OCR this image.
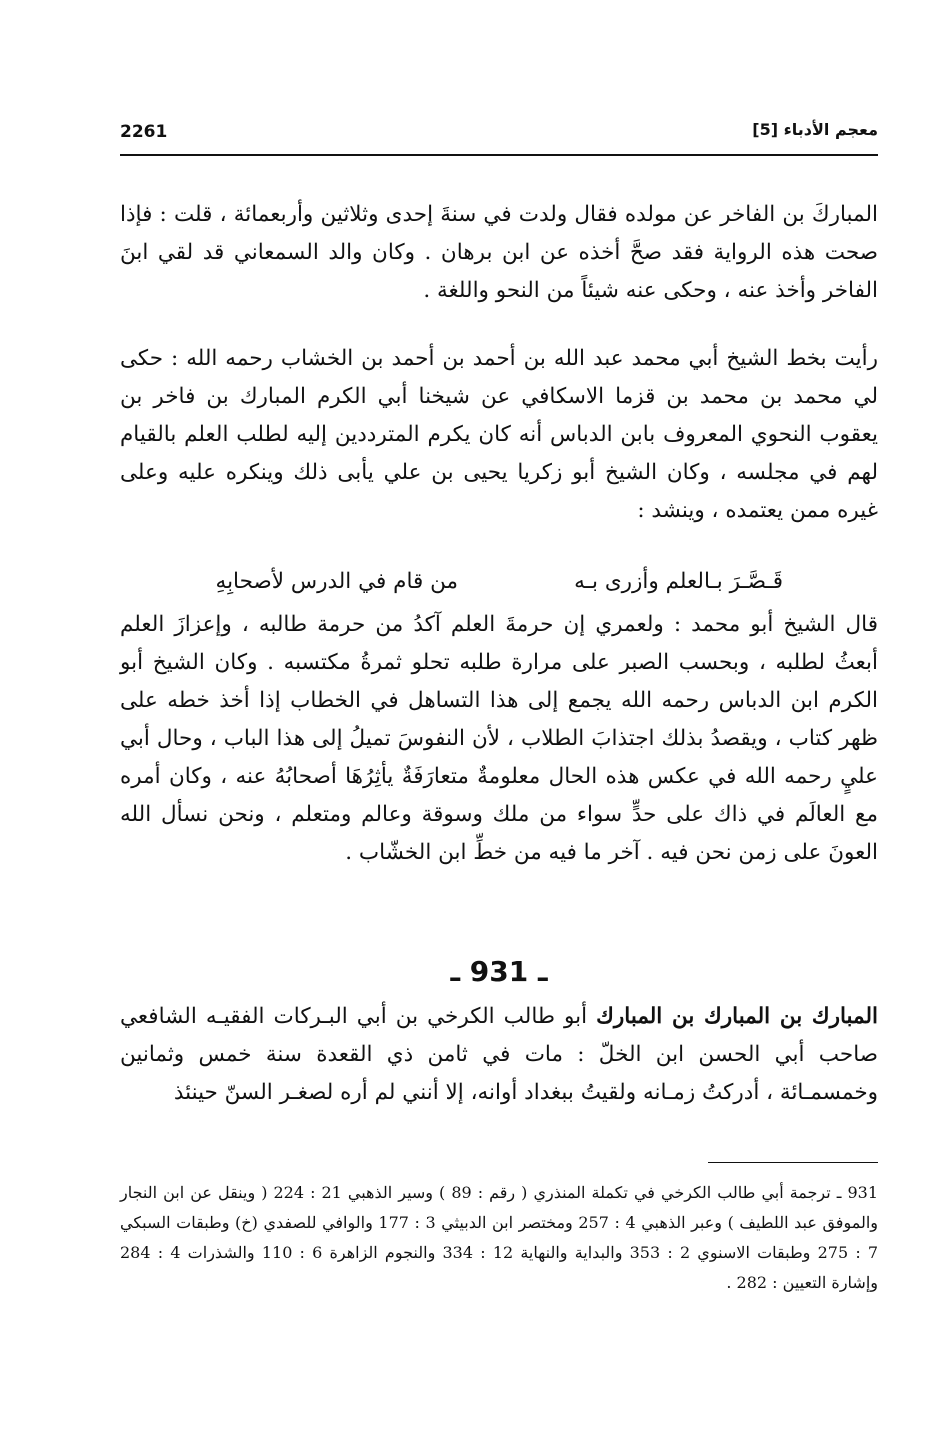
2261	معجم الأدباء [5]
المباركَ بن الفاخر عن مولده فقال ولدت في سنةَ إحدى وثلاثين وأربعمائة ، قلت : فإذا صحت هذه الرواية فقد صحَّ أخذه عن ابن برهان . وكان والد السمعاني قد لقي ابنَ الفاخر وأخذ عنه ، وحكى عنه شيئاً من النحو واللغة .
رأيت بخط الشيخ أبي محمد عبد الله بن أحمد بن أحمد بن الخشاب رحمه الله : حكى لي محمد بن محمد بن قزما الاسكافي عن شيخنا أبي الكرم المبارك بن فاخر بن يعقوب النحوي المعروف بابن الدباس أنه كان يكرم المترددين إليه لطلب العلم بالقيام لهم في مجلسه ، وكان الشيخ أبو زكريا يحيى بن علي يأبى ذلك وينكره عليه وعلى غيره ممن يعتمده ، وينشد :
قَـصَّـرَ بـالعلم وأزرى بـه
من قام في الدرس لأصحابِهِ
قال الشيخ أبو محمد : ولعمري إن حرمةَ العلم آكدُ من حرمة طالبه ، وإعزازَ العلم أبعثُ لطلبه ، وبحسب الصبر على مرارة طلبه تحلو ثمرةُ مكتسبه . وكان الشيخ أبو الكرم ابن الدباس رحمه الله يجمع إلى هذا التساهل في الخطاب إذا أخذ خطه على ظهر كتاب ، ويقصدُ بذلك اجتذابَ الطلاب ، لأن النفوسَ تميلُ إلى هذا الباب ، وحال أبي عليٍ رحمه الله في عكس هذه الحال معلومةٌ متعارَفَةٌ يأثِرُهَا أصحابُهُ عنه ، وكان أمره مع العالَم في ذاك على حدٍّ سواء من ملك وسوقة وعالم ومتعلم ، ونحن نسأل الله العونَ على زمن نحن فيه . آخر ما فيه من خطِّ ابن الخشّاب .
ـ 931 ـ
المبارك بن المبارك بن المبارك أبو طالب الكرخي بن أبي البـركات الفقيـه الشافعي صاحب أبي الحسن ابن الخلّ : مات في ثامن ذي القعدة سنة خمس وثمانين وخمسمـائة ، أدركتُ زمـانه ولقيتُ ببغداد أوانه، إلا أنني لم أره لصغـر السنّ حينئذ
931 ـ ترجمة أبي طالب الكرخي في تكملة المنذري ( رقم : 89 ) وسير الذهبي 21 : 224 ( وينقل عن ابن النجار والموفق عبد اللطيف ) وعبر الذهبي 4 : 257 ومختصر ابن الدبيثي 3 : 177 والوافي للصفدي (خ) وطبقات السبكي 7 : 275 وطبقات الاسنوي 2 : 353 والبداية والنهاية 12 : 334 والنجوم الزاهرة 6 : 110 والشذرات 4 : 284 وإشارة التعيين : 282 .
